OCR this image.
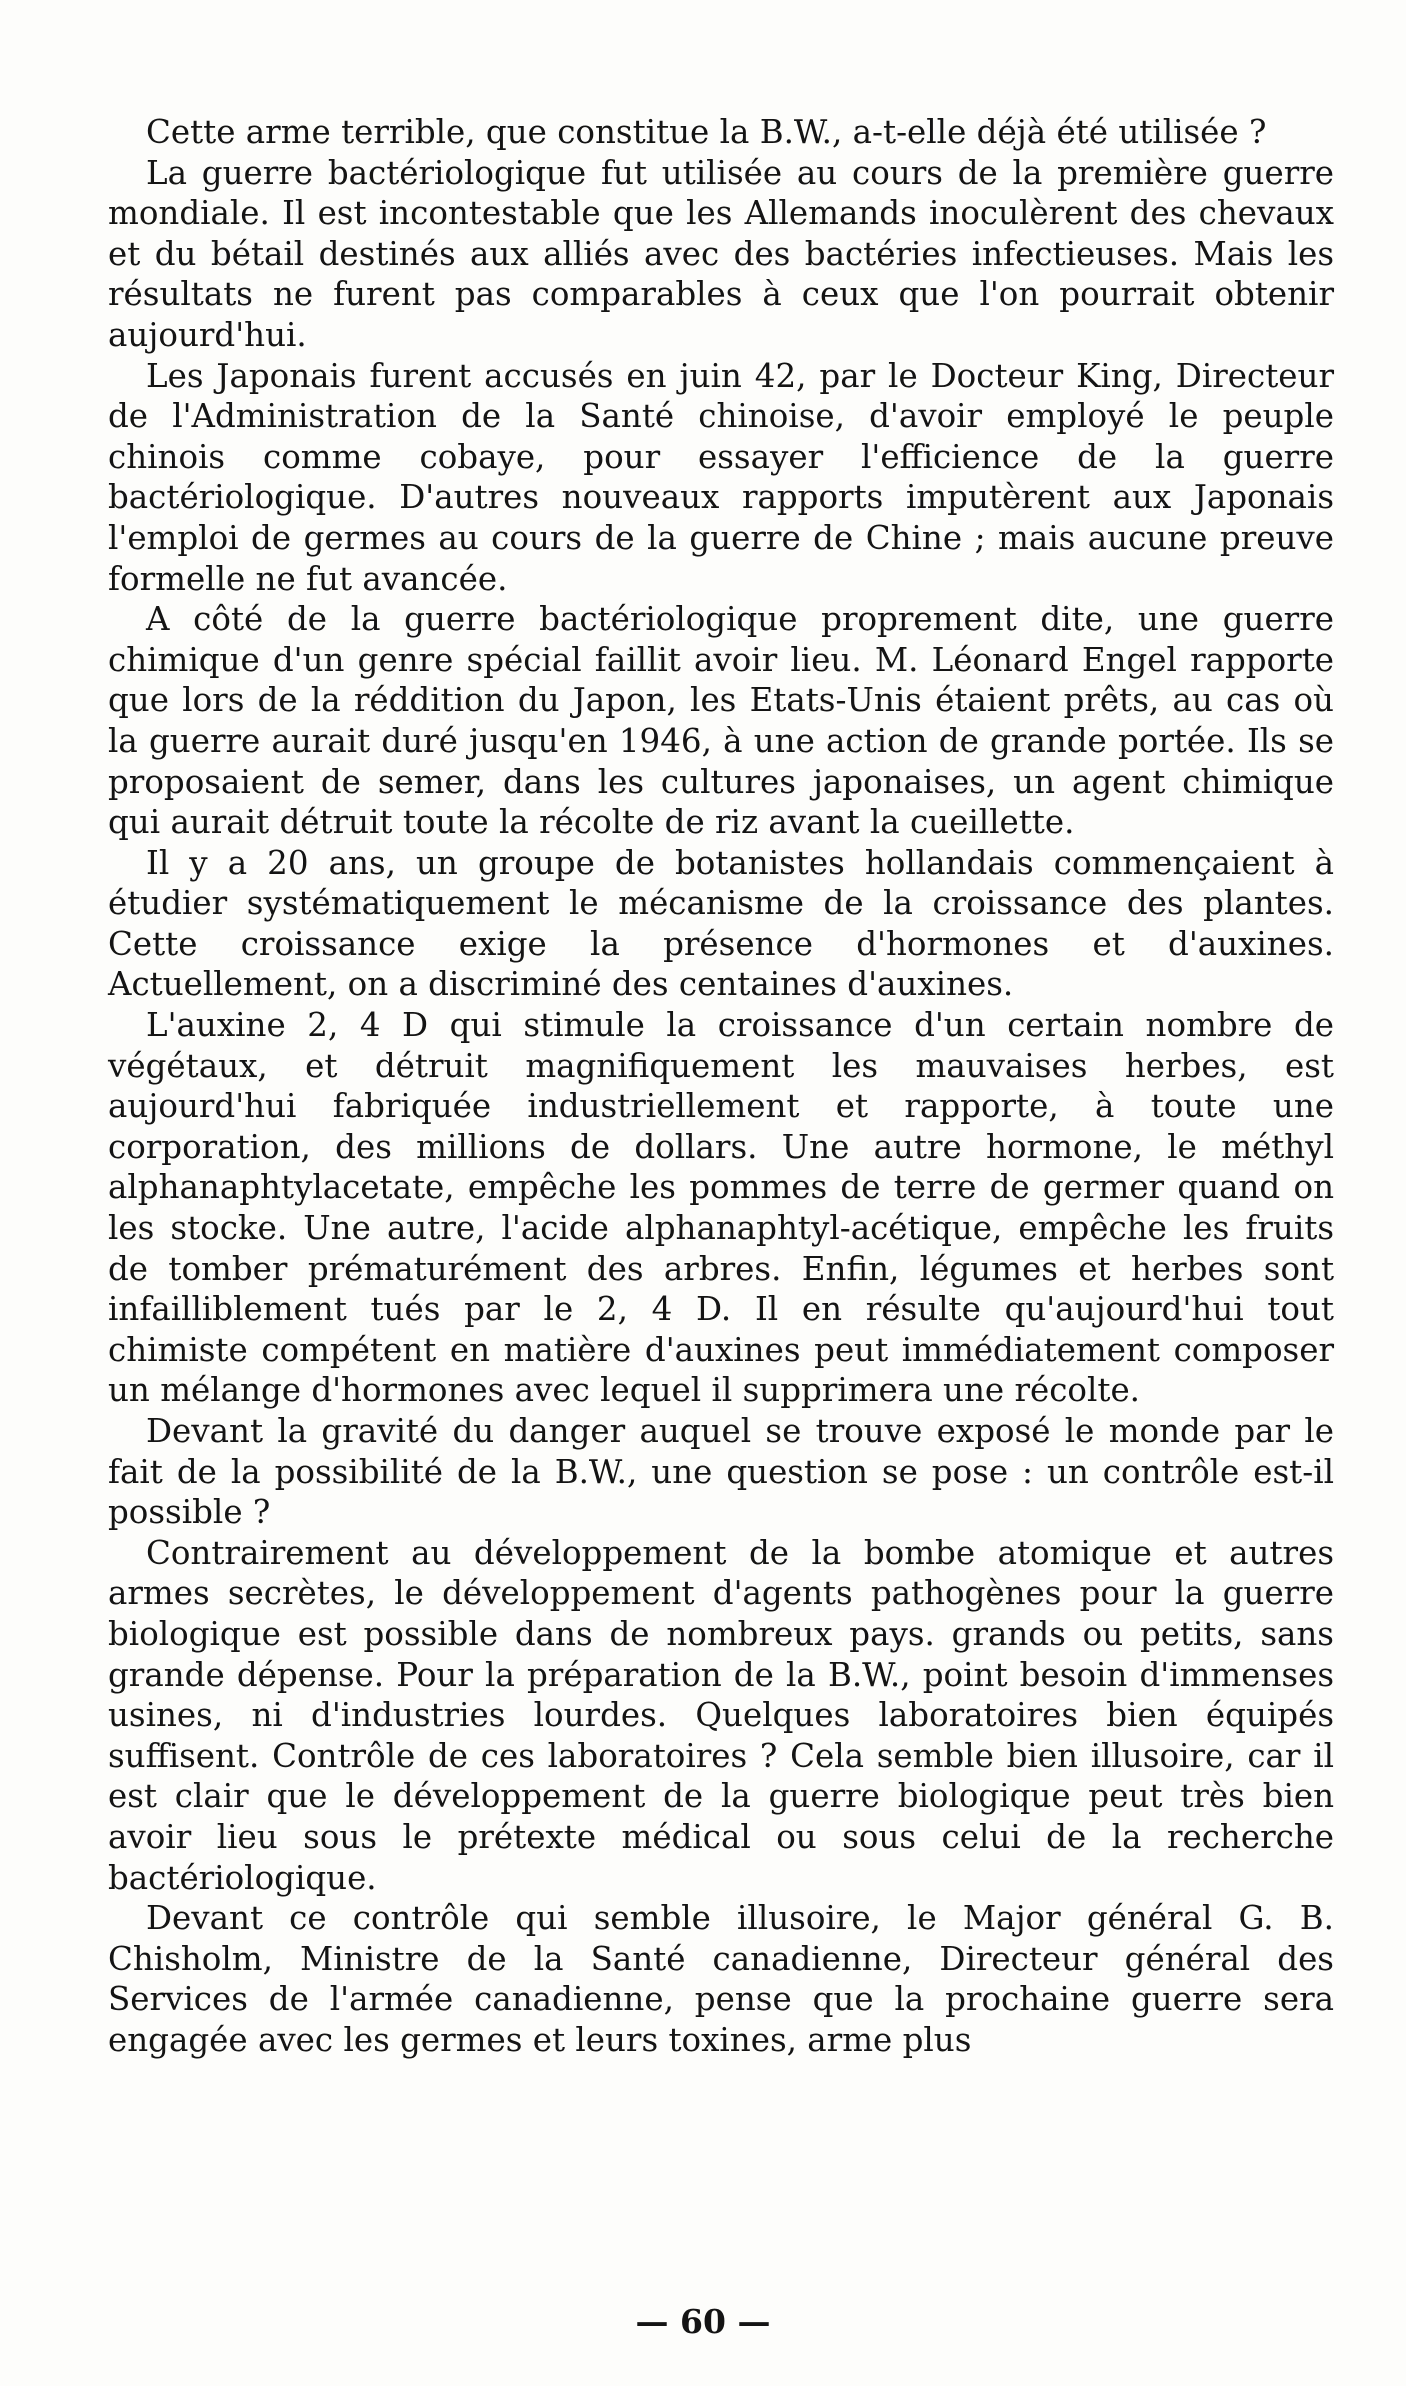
Cette arme terrible, que constitue la B.W., a-t-elle déjà été utilisée ?

La guerre bactériologique fut utilisée au cours de la première guerre mondiale. Il est incontestable que les Allemands inoculèrent des chevaux et du bétail destinés aux alliés avec des bactéries infectieuses. Mais les résultats ne furent pas comparables à ceux que l'on pourrait obtenir aujourd'hui.

Les Japonais furent accusés en juin 42, par le Docteur King, Directeur de l'Administration de la Santé chinoise, d'avoir employé le peuple chinois comme cobaye, pour essayer l'efficience de la guerre bactériologique. D'autres nouveaux rapports imputèrent aux Japonais l'emploi de germes au cours de la guerre de Chine ; mais aucune preuve formelle ne fut avancée.

A côté de la guerre bactériologique proprement dite, une guerre chimique d'un genre spécial faillit avoir lieu. M. Léonard Engel rapporte que lors de la réddition du Japon, les Etats-Unis étaient prêts, au cas où la guerre aurait duré jusqu'en 1946, à une action de grande portée. Ils se proposaient de semer, dans les cultures japonaises, un agent chimique qui aurait détruit toute la récolte de riz avant la cueillette.

Il y a 20 ans, un groupe de botanistes hollandais commençaient à étudier systématiquement le mécanisme de la croissance des plantes. Cette croissance exige la présence d'hormones et d'auxines. Actuellement, on a discriminé des centaines d'auxines.

L'auxine 2, 4 D qui stimule la croissance d'un certain nombre de végétaux, et détruit magnifiquement les mauvaises herbes, est aujourd'hui fabriquée industriellement et rapporte, à toute une corporation, des millions de dollars. Une autre hormone, le méthyl alphanaphtylacetate, empêche les pommes de terre de germer quand on les stocke. Une autre, l'acide alphanaphtyl-acétique, empêche les fruits de tomber prématurément des arbres. Enfin, légumes et herbes sont infailliblement tués par le 2, 4 D. Il en résulte qu'aujourd'hui tout chimiste compétent en matière d'auxines peut immédiatement composer un mélange d'hormones avec lequel il supprimera une récolte.

Devant la gravité du danger auquel se trouve exposé le monde par le fait de la possibilité de la B.W., une question se pose : un contrôle est-il possible ?

Contrairement au développement de la bombe atomique et autres armes secrètes, le développement d'agents pathogènes pour la guerre biologique est possible dans de nombreux pays. grands ou petits, sans grande dépense. Pour la préparation de la B.W., point besoin d'immenses usines, ni d'industries lourdes. Quelques laboratoires bien équipés suffisent. Contrôle de ces laboratoires ? Cela semble bien illusoire, car il est clair que le développement de la guerre biologique peut très bien avoir lieu sous le prétexte médical ou sous celui de la recherche bactériologique.

Devant ce contrôle qui semble illusoire, le Major général G. B. Chisholm, Ministre de la Santé canadienne, Directeur général des Services de l'armée canadienne, pense que la prochaine guerre sera engagée avec les germes et leurs toxines, arme plus

— 60 —
